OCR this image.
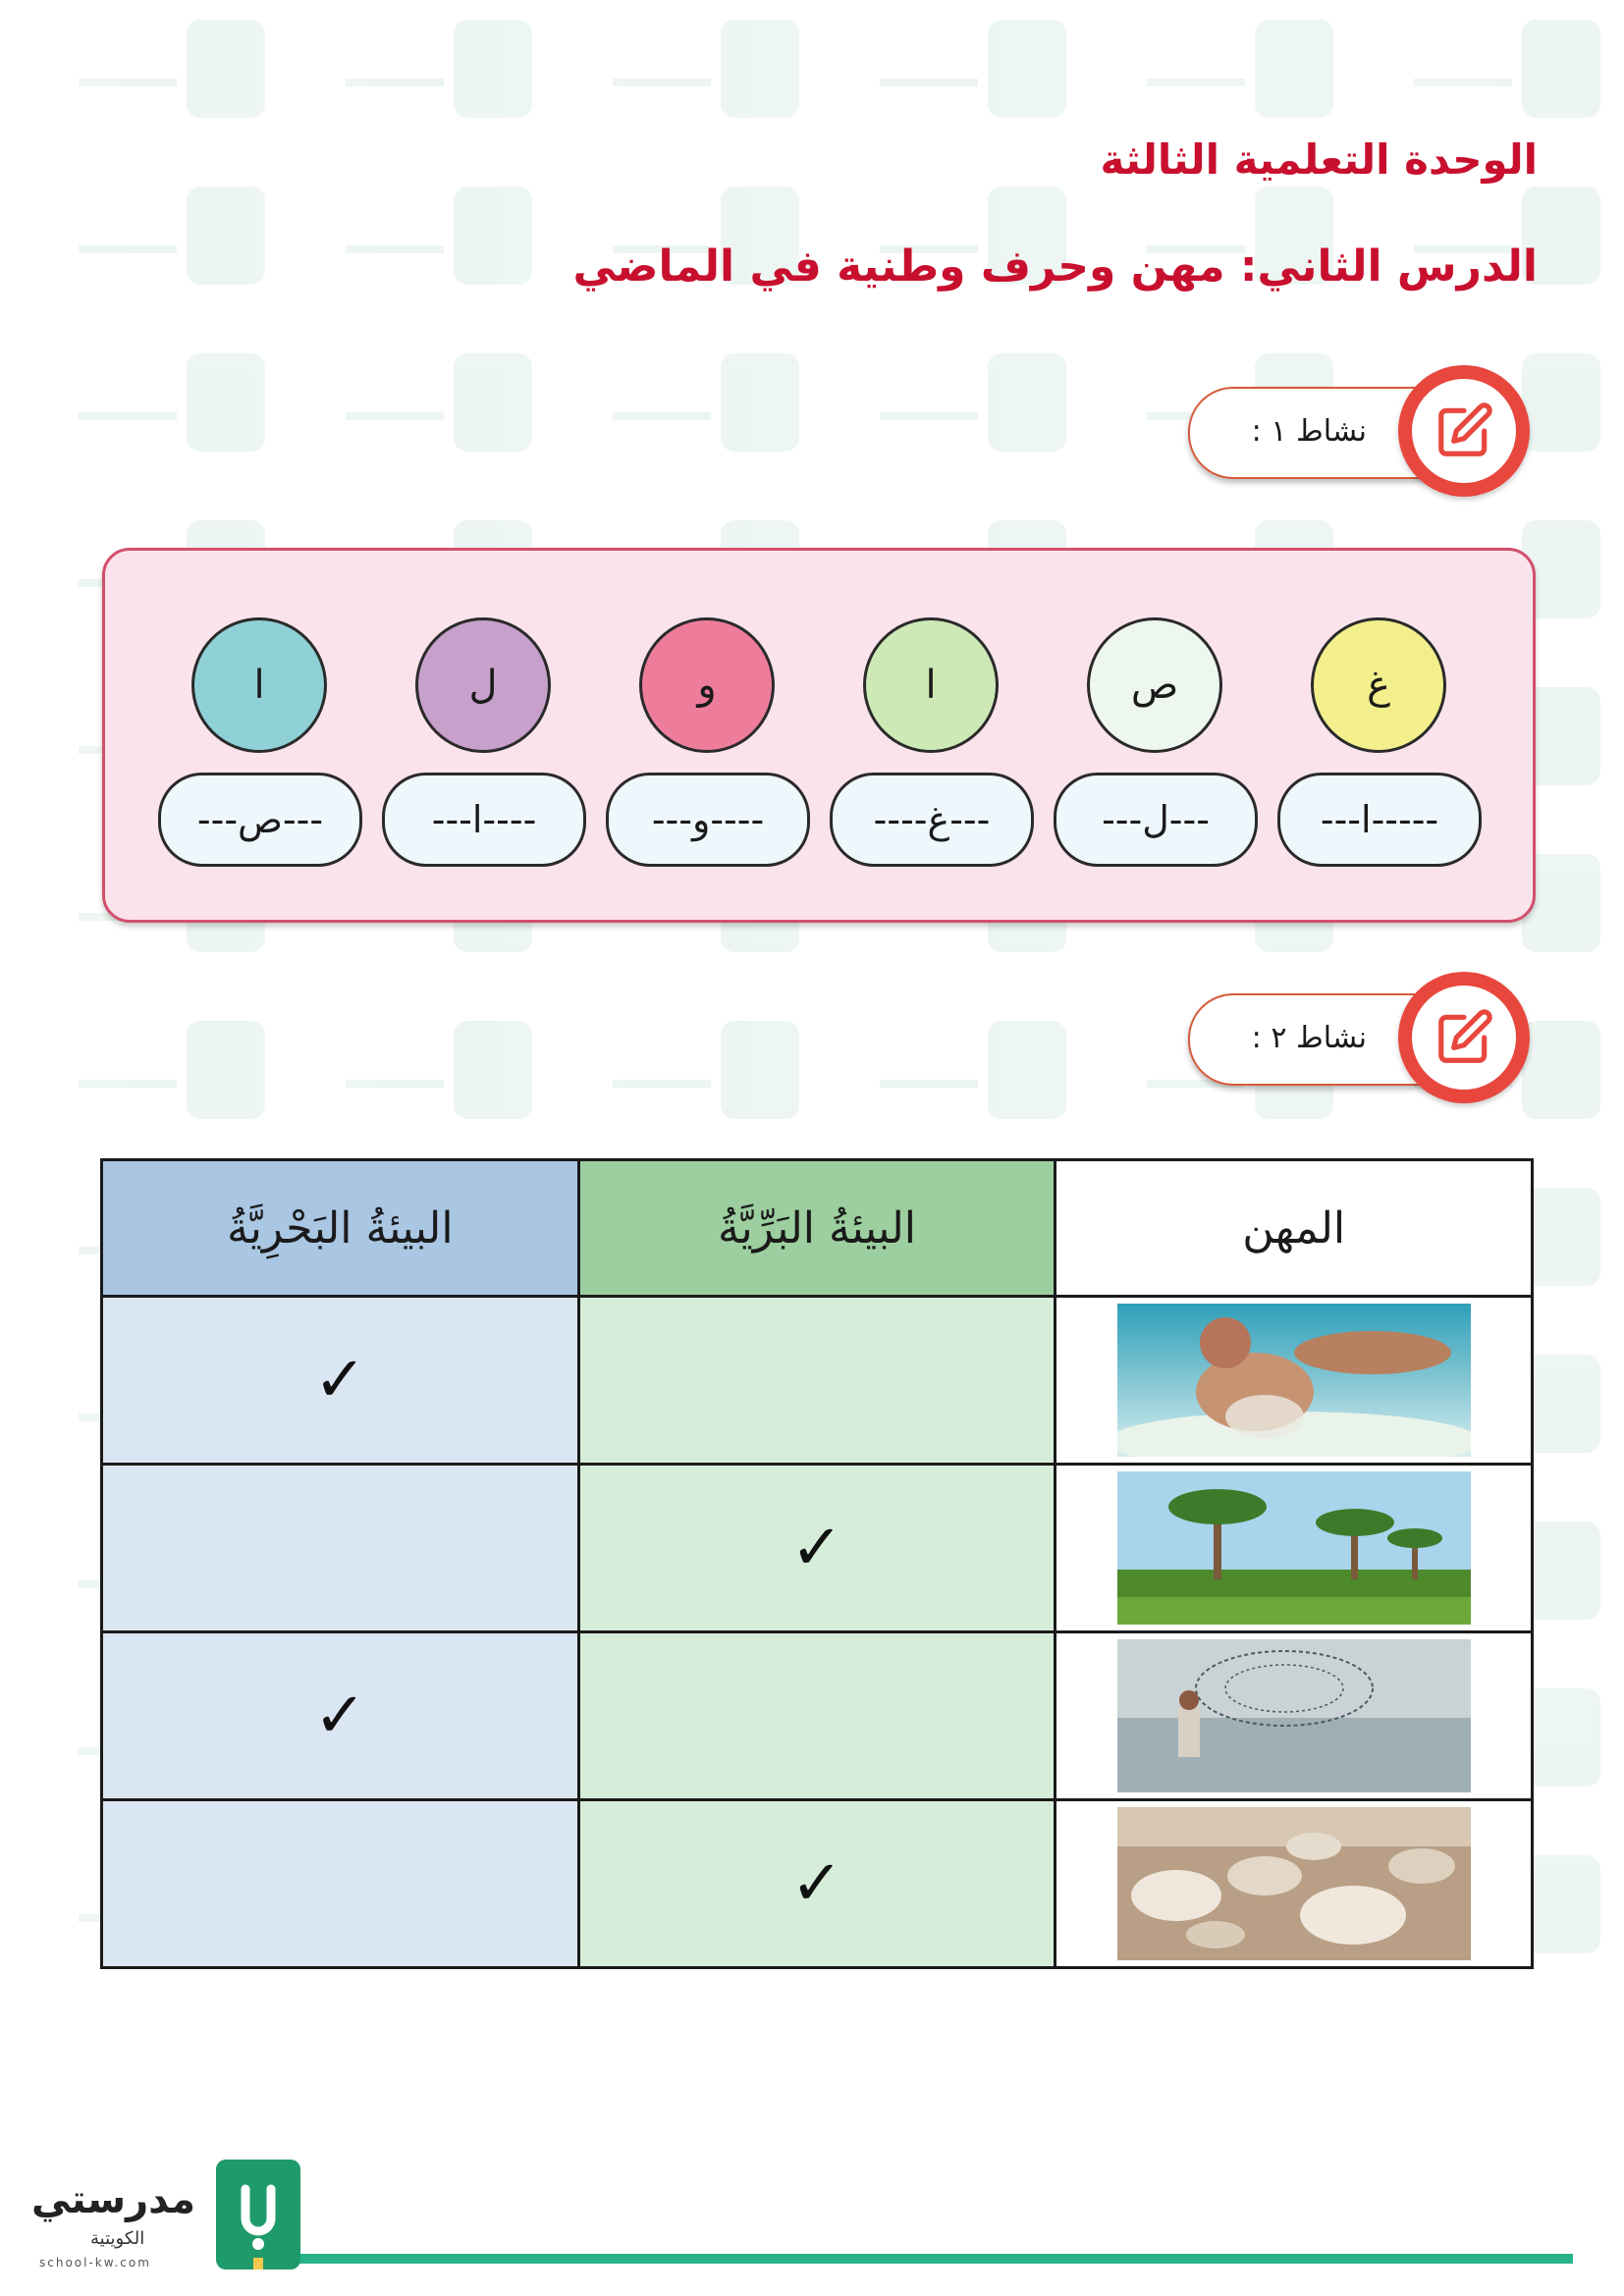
الوحدة التعلمية الثالثة
الدرس الثاني: مهن وحرف وطنية في الماضي
نشاط ١ :
غ
ص
ا
و
ل
ا
-----ا---
---ل---
---غ----
----و---
----ا---
---ص---
نشاط ٢ :
البيئةُ البَحْرِيَّةُ	البيئةُ البَرِّيَّةُ	المهن
✓		

	✓	

✓		

	✓	
مدرستي
الكويتية
school-kw.com
